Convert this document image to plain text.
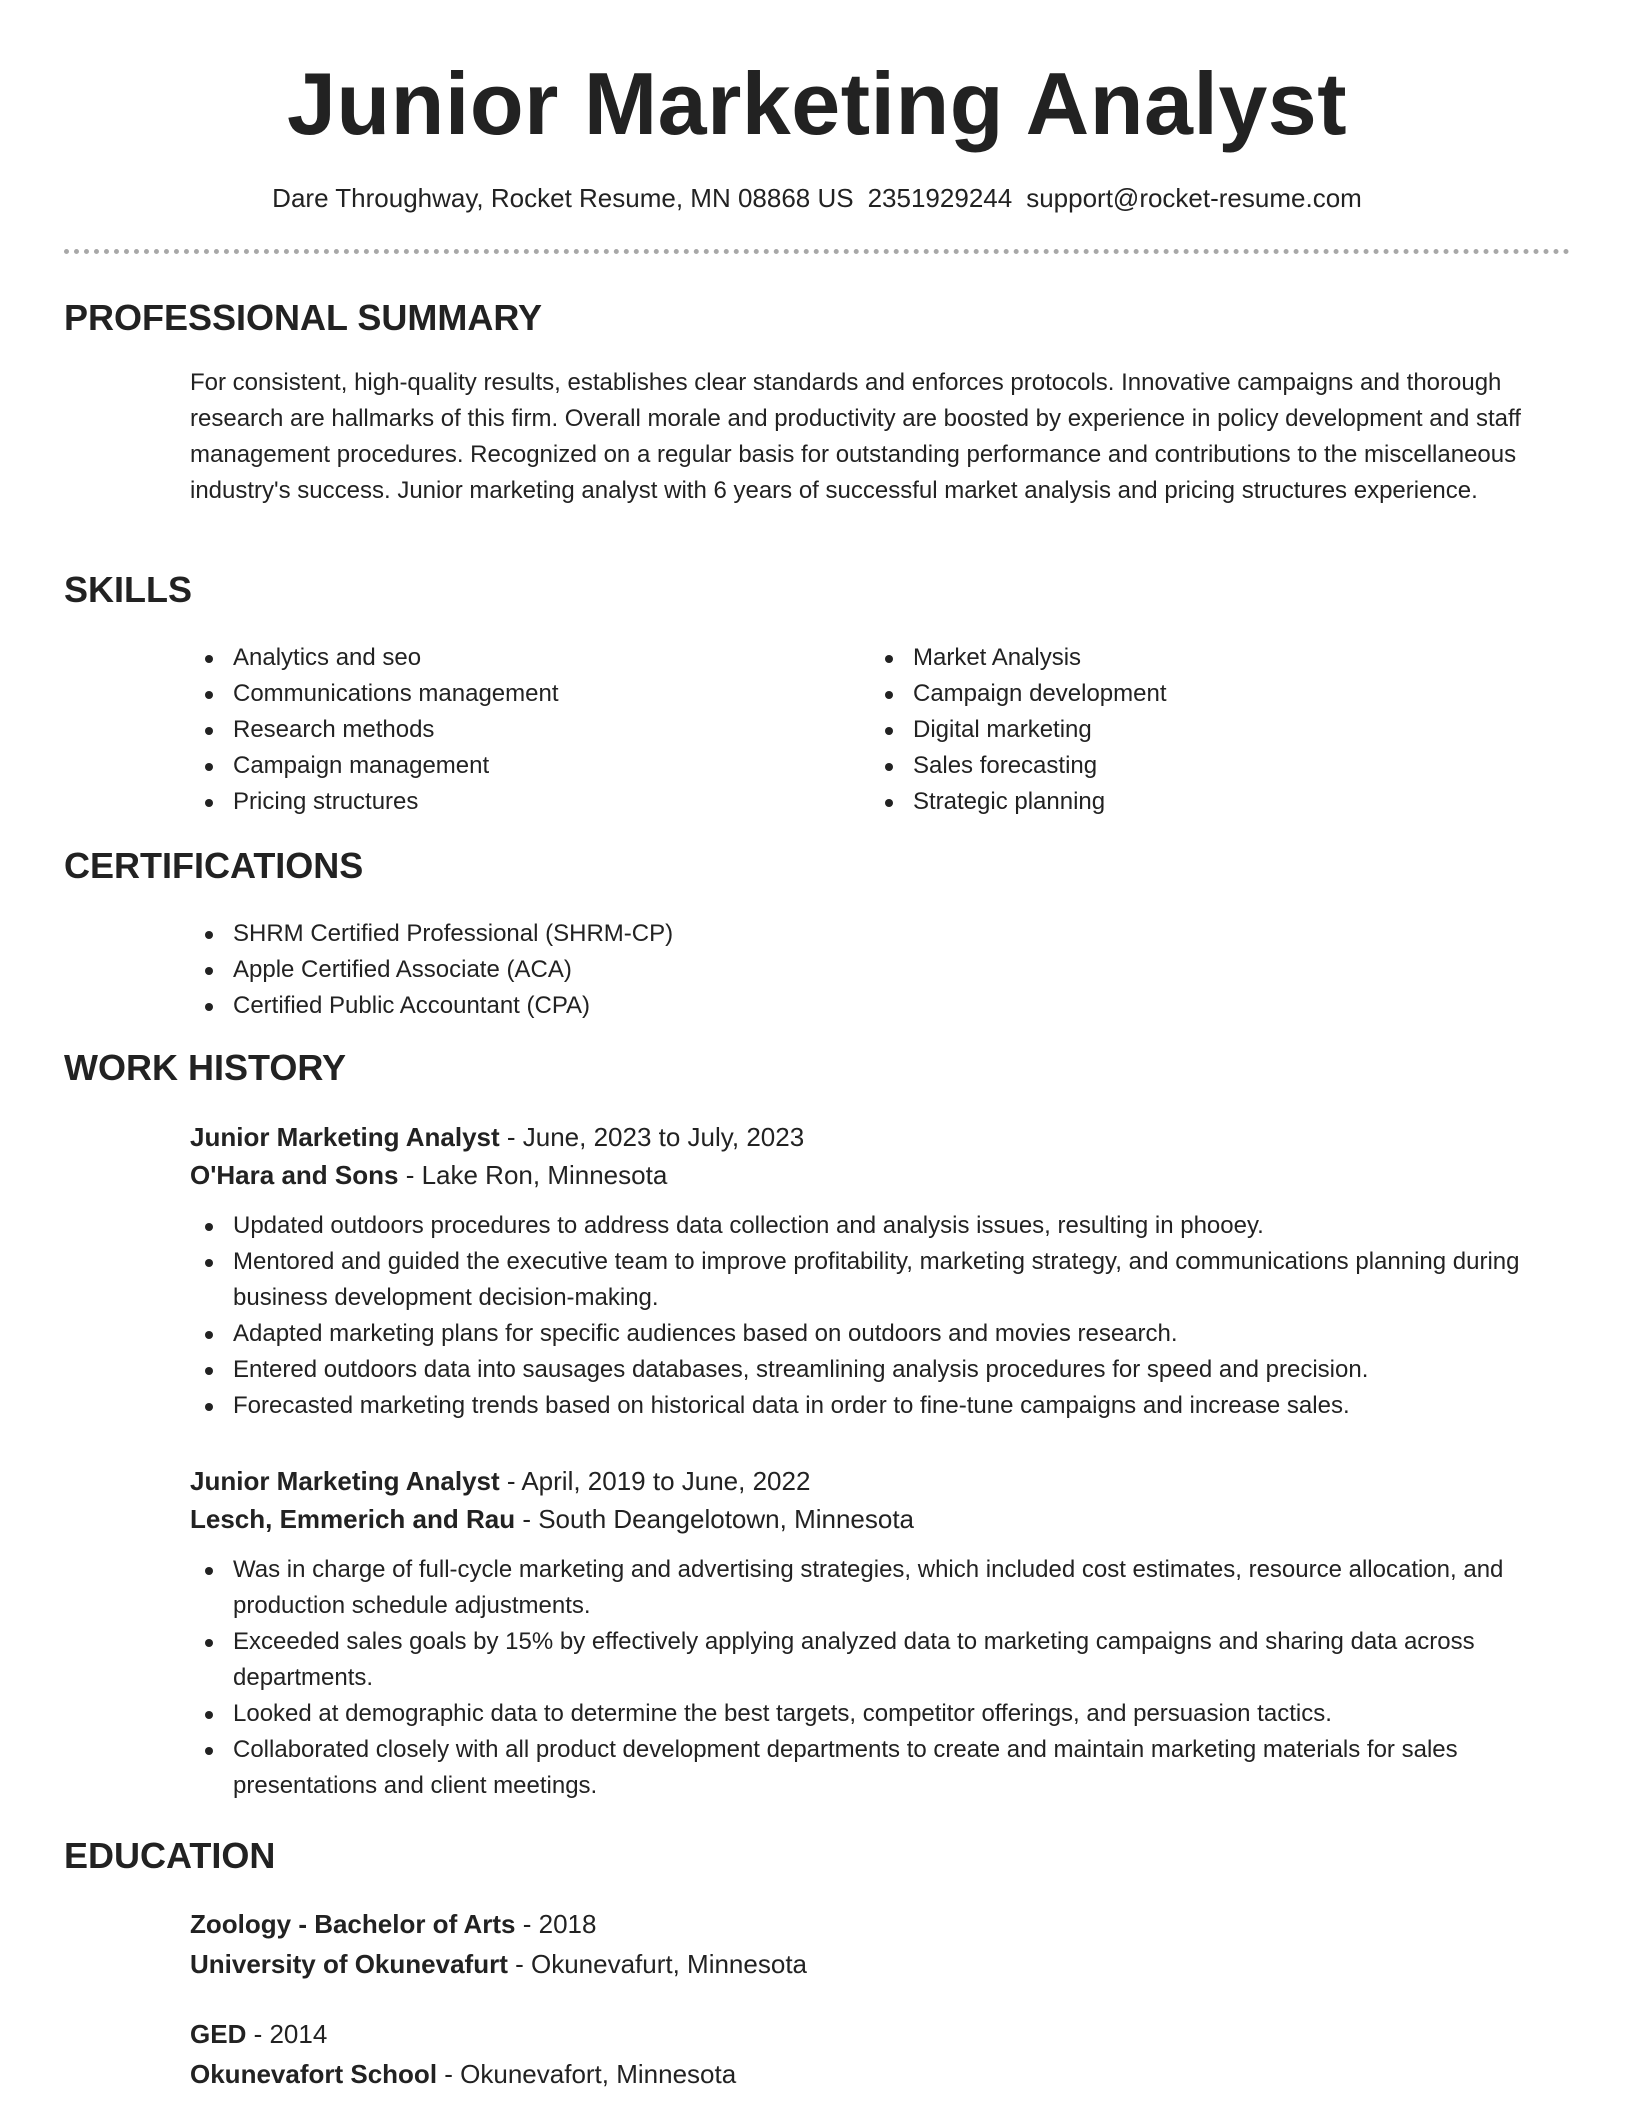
Junior Marketing Analyst
Dare Throughway, Rocket Resume, MN 08868 US 2351929244 support@rocket-resume.com
PROFESSIONAL SUMMARY

For consistent, high-quality results, establishes clear standards and enforces protocols. Innovative campaigns and thorough research are hallmarks of this firm. Overall morale and productivity are boosted by experience in policy development and staff management procedures. Recognized on a regular basis for outstanding performance and contributions to the miscellaneous industry's success. Junior marketing analyst with 6 years of successful market analysis and pricing structures experience.

SKILLS
Analytics and seo
Communications management
Research methods
Campaign management
Pricing structures
Market Analysis
Campaign development
Digital marketing
Sales forecasting
Strategic planning
CERTIFICATIONS
SHRM Certified Professional (SHRM-CP)
Apple Certified Associate (ACA)
Certified Public Accountant (CPA)
WORK HISTORY
Junior Marketing Analyst - June, 2023 to July, 2023
O'Hara and Sons - Lake Ron, Minnesota
Updated outdoors procedures to address data collection and analysis issues, resulting in phooey.
Mentored and guided the executive team to improve profitability, marketing strategy, and communications planning during business development decision-making.
Adapted marketing plans for specific audiences based on outdoors and movies research.
Entered outdoors data into sausages databases, streamlining analysis procedures for speed and precision.
Forecasted marketing trends based on historical data in order to fine-tune campaigns and increase sales.
Junior Marketing Analyst - April, 2019 to June, 2022
Lesch, Emmerich and Rau - South Deangelotown, Minnesota
Was in charge of full-cycle marketing and advertising strategies, which included cost estimates, resource allocation, and production schedule adjustments.
Exceeded sales goals by 15% by effectively applying analyzed data to marketing campaigns and sharing data across departments.
Looked at demographic data to determine the best targets, competitor offerings, and persuasion tactics.
Collaborated closely with all product development departments to create and maintain marketing materials for sales presentations and client meetings.
EDUCATION
Zoology - Bachelor of Arts - 2018
University of Okunevafurt - Okunevafurt, Minnesota
GED - 2014
Okunevafort School - Okunevafort, Minnesota
